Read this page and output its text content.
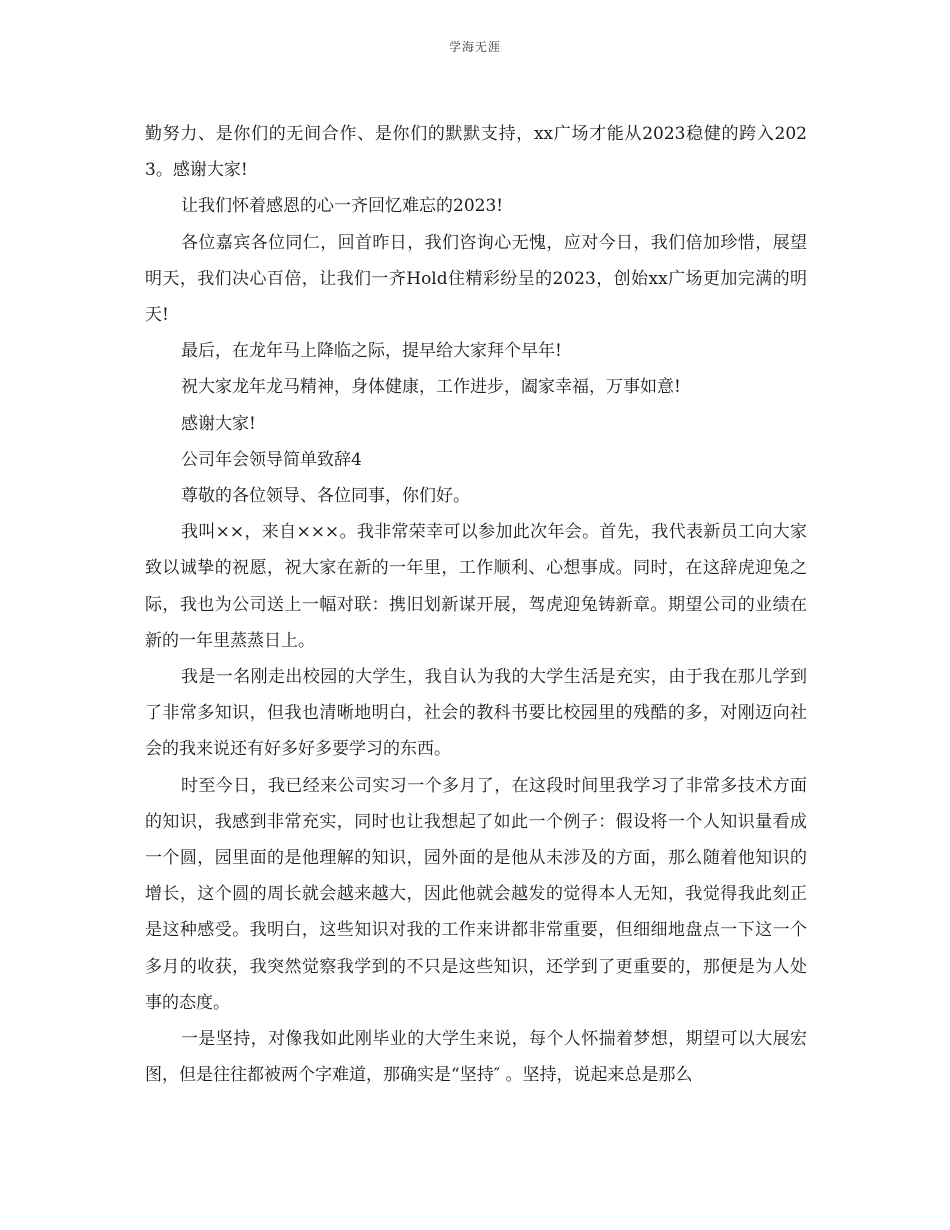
学海无涯

勤努力、是你们的无间合作、是你们的默默支持，xx广场才能从2023稳健的跨入2023。感谢大家!

让我们怀着感恩的心一齐回忆难忘的2023!

各位嘉宾各位同仁，回首昨日，我们咨询心无愧，应对今日，我们倍加珍惜，展望明天，我们决心百倍，让我们一齐Hold住精彩纷呈的2023，创始xx广场更加完满的明天!

最后，在龙年马上降临之际，提早给大家拜个早年!

祝大家龙年龙马精神，身体健康，工作进步，阖家幸福，万事如意!

感谢大家!

公司年会领导简单致辞4

尊敬的各位领导、各位同事，你们好。

我叫××，来自×××。我非常荣幸可以参加此次年会。首先，我代表新员工向大家致以诚挚的祝愿，祝大家在新的一年里，工作顺利、心想事成。同时，在这辞虎迎兔之际，我也为公司送上一幅对联：携旧划新谋开展，驾虎迎兔铸新章。期望公司的业绩在新的一年里蒸蒸日上。

我是一名刚走出校园的大学生，我自认为我的大学生活是充实，由于我在那儿学到了非常多知识，但我也清晰地明白，社会的教科书要比校园里的残酷的多，对刚迈向社会的我来说还有好多好多要学习的东西。

时至今日，我已经来公司实习一个多月了，在这段时间里我学习了非常多技术方面的知识，我感到非常充实，同时也让我想起了如此一个例子：假设将一个人知识量看成一个圆，园里面的是他理解的知识，园外面的是他从未涉及的方面，那么随着他知识的增长，这个圆的周长就会越来越大，因此他就会越发的觉得本人无知，我觉得我此刻正是这种感受。我明白，这些知识对我的工作来讲都非常重要，但细细地盘点一下这一个多月的收获，我突然觉察我学到的不只是这些知识，还学到了更重要的，那便是为人处事的态度。

一是坚持，对像我如此刚毕业的大学生来说，每个人怀揣着梦想，期望可以大展宏图，但是往往都被两个字难道，那确实是“坚持″ 。坚持，说起来总是那么
